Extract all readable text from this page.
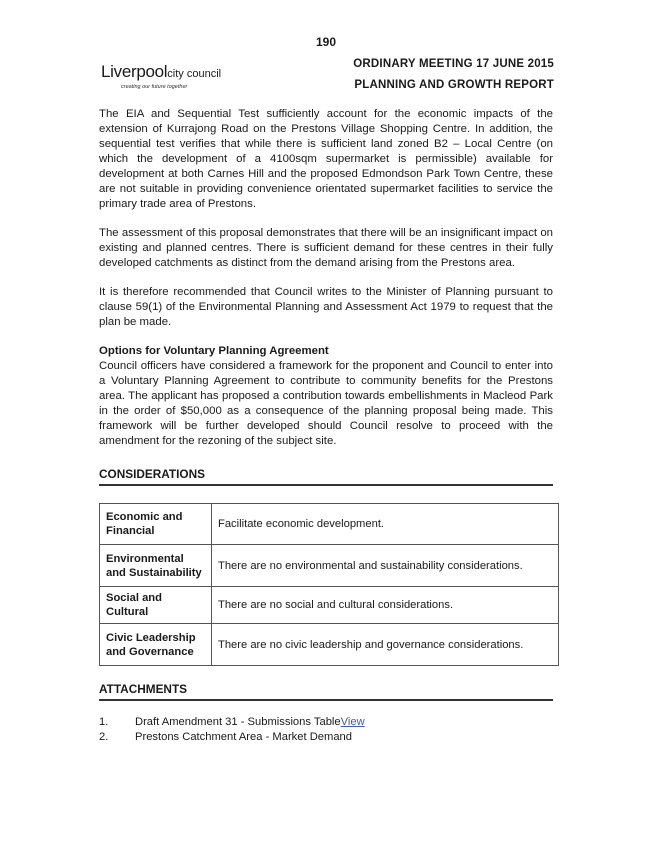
190
Liverpoolcity council
creating our future together
ORDINARY MEETING 17 JUNE 2015
PLANNING AND GROWTH REPORT

The EIA and Sequential Test sufficiently account for the economic impacts of the extension of Kurrajong Road on the Prestons Village Shopping Centre. In addition, the sequential test verifies that while there is sufficient land zoned B2 – Local Centre (on which the development of a 4100sqm supermarket is permissible) available for development at both Carnes Hill and the proposed Edmondson Park Town Centre, these are not suitable in providing convenience orientated supermarket facilities to service the primary trade area of Prestons.

The assessment of this proposal demonstrates that there will be an insignificant impact on existing and planned centres. There is sufficient demand for these centres in their fully developed catchments as distinct from the demand arising from the Prestons area.

It is therefore recommended that Council writes to the Minister of Planning pursuant to clause 59(1) of the Environmental Planning and Assessment Act 1979 to request that the plan be made.

Options for Voluntary Planning Agreement
Council officers have considered a framework for the proponent and Council to enter into a Voluntary Planning Agreement to contribute to community benefits for the Prestons area. The applicant has proposed a contribution towards embellishments in Macleod Park in the order of $50,000 as a consequence of the planning proposal being made. This framework will be further developed should Council resolve to proceed with the amendment for the rezoning of the subject site.

CONSIDERATIONS
Economic and Financial	Facilitate economic development.
Environmental and Sustainability	There are no environmental and sustainability considerations.
Social and Cultural	There are no social and cultural considerations.
Civic Leadership and Governance	There are no civic leadership and governance considerations.
ATTACHMENTS
1.	Draft Amendment 31 - Submissions TableView
2.	Prestons Catchment Area - Market Demand
